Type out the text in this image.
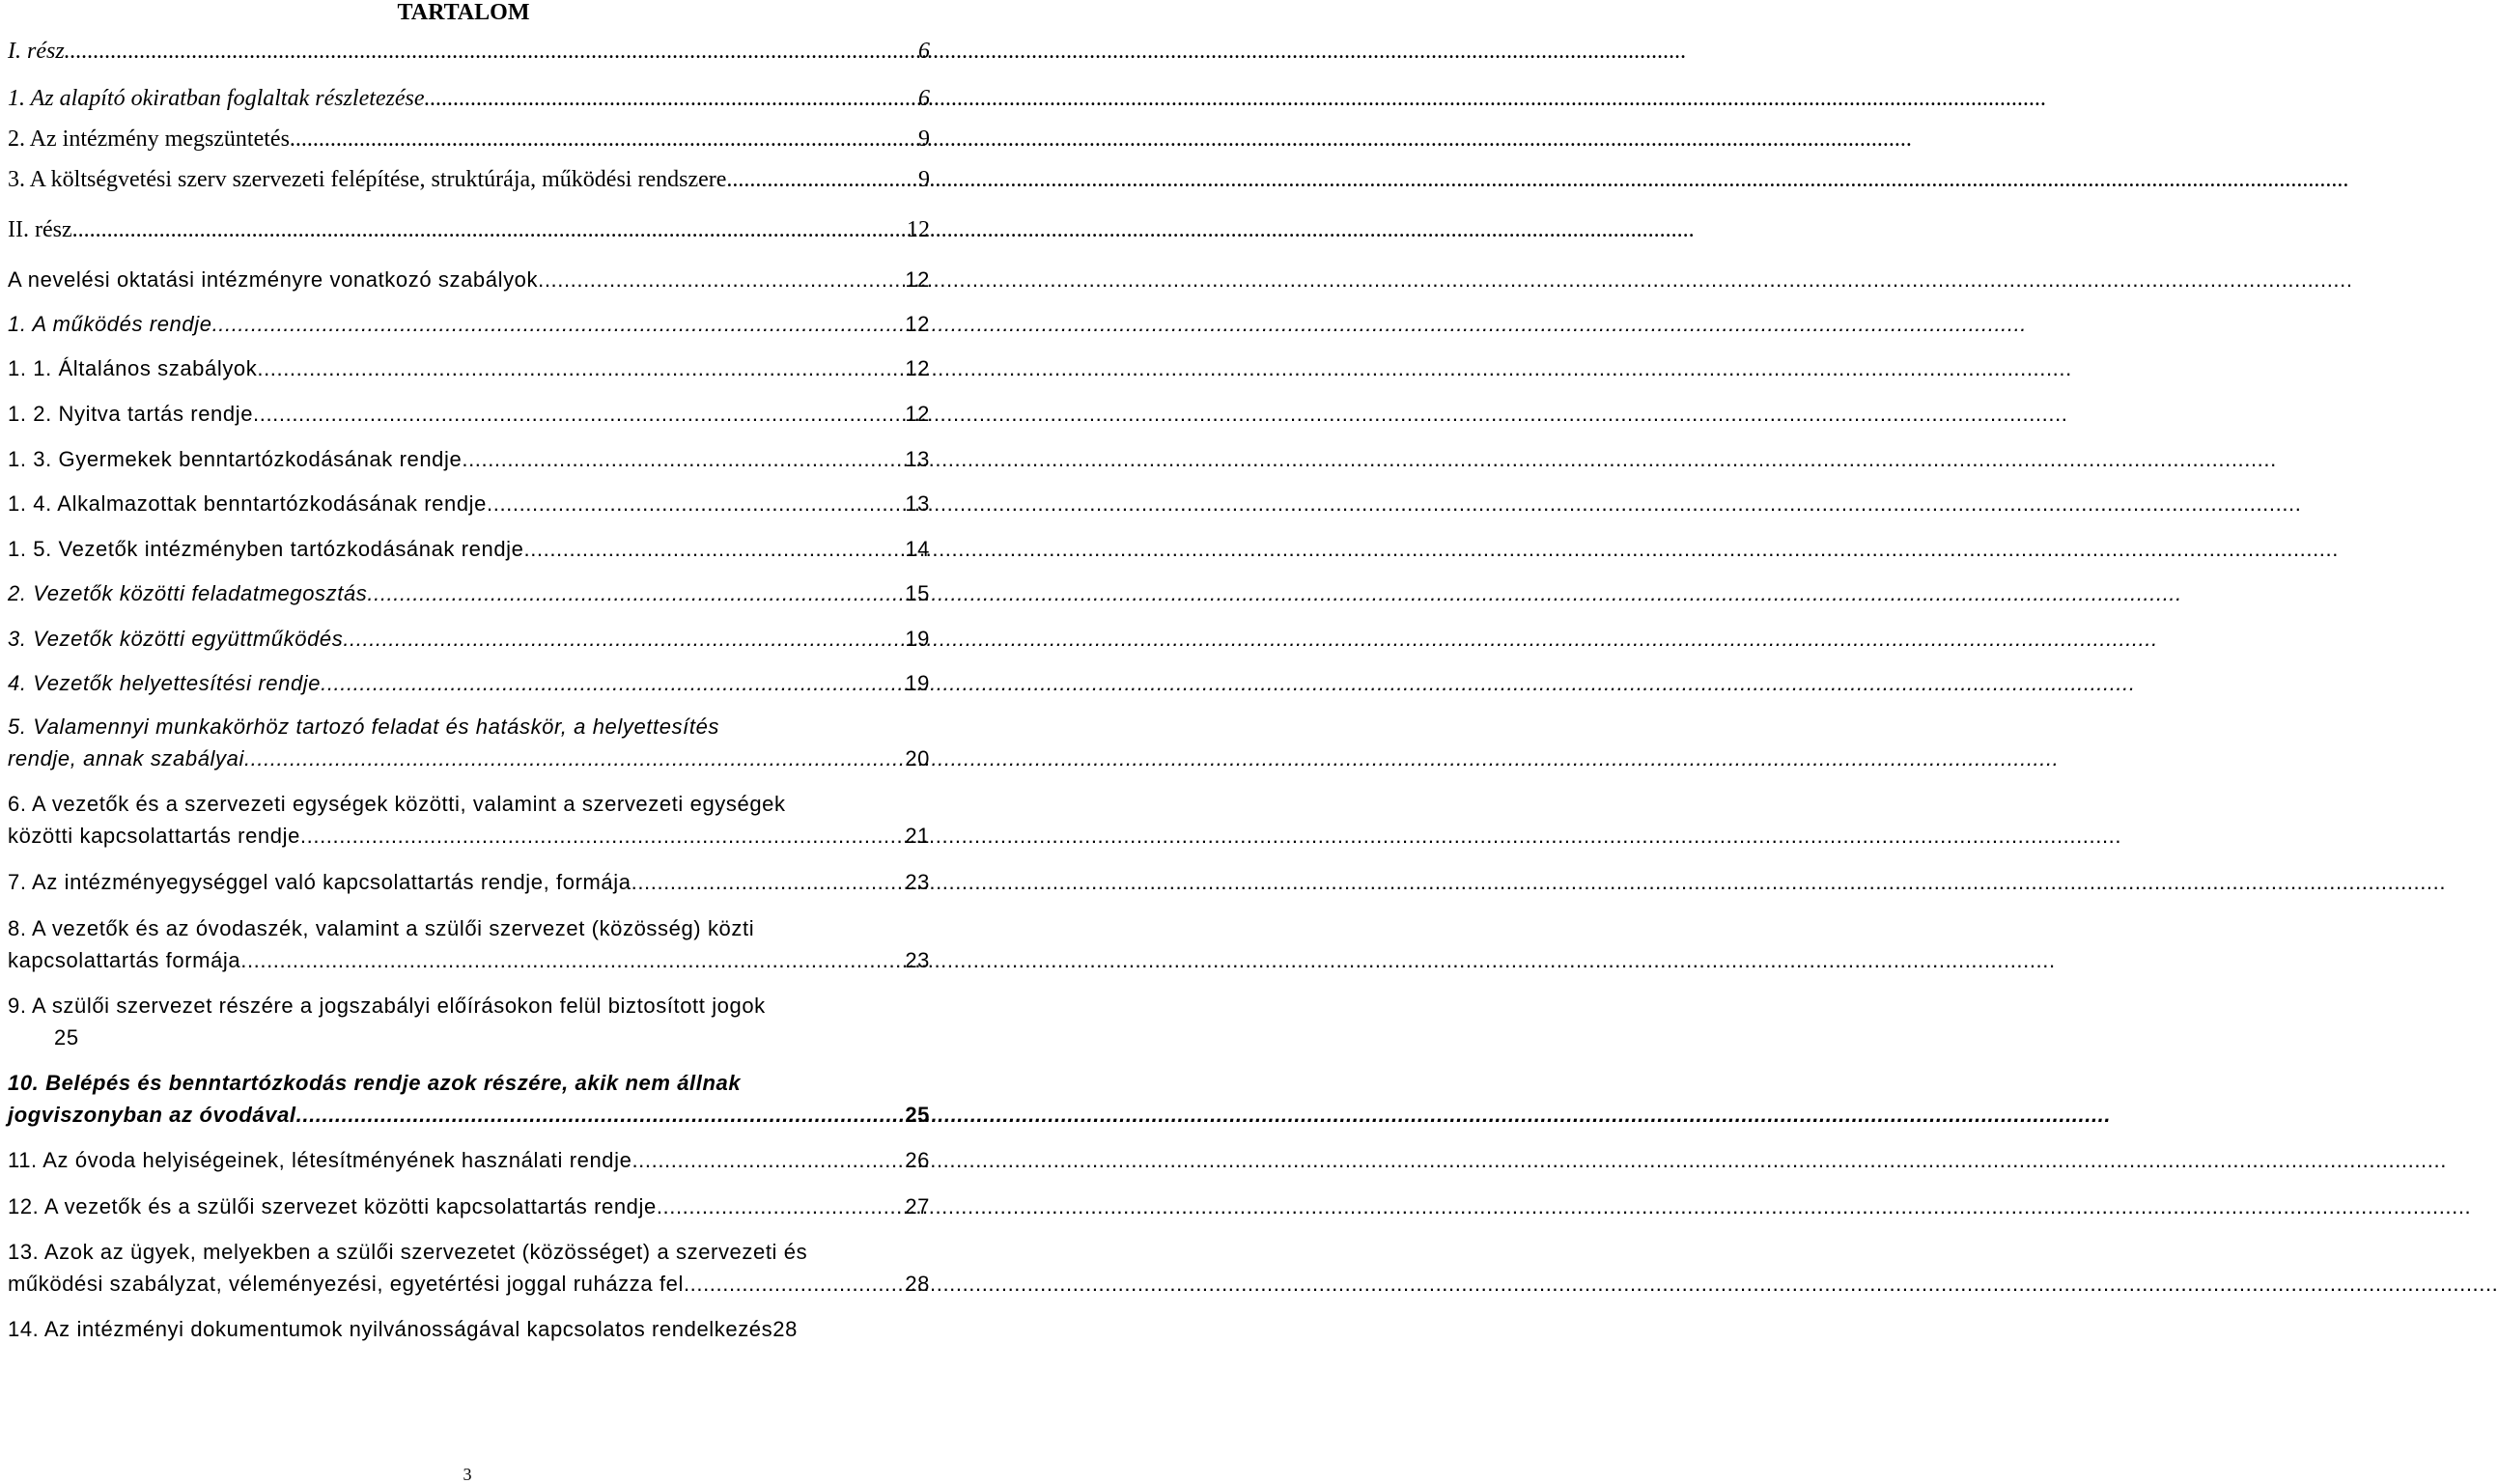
TARTALOM
I. rész .....	6
1. Az alapító okiratban foglaltak részletezése .....	6
2. Az intézmény megszüntetés .....	9
3. A költségvetési szerv szervezeti felépítése, struktúrája, működési rendszere .....	9
II. rész .....	12
A nevelési oktatási intézményre vonatkozó szabályok .....	12
1. A működés rendje .....	12
1. 1. Általános szabályok .....	12
1. 2. Nyitva tartás rendje .....	12
1. 3. Gyermekek benntartózkodásának rendje .....	13
1. 4. Alkalmazottak benntartózkodásának rendje .....	13
1. 5. Vezetők intézményben tartózkodásának rendje .....	14
2. Vezetők közötti feladatmegosztás .....	15
3. Vezetők közötti együttműködés .....	19
4. Vezetők helyettesítési rendje .....	19
5. Valamennyi munkakörhöz tartozó feladat és hatáskör, a helyettesítés
rendje, annak szabályai .....	20
6. A vezetők és a szervezeti egységek közötti, valamint a szervezeti egységek
közötti kapcsolattartás rendje. .....	21
7. Az intézményegységgel való kapcsolattartás rendje, formája .....	23
8. A vezetők és az óvodaszék, valamint a szülői szervezet (közösség) közti
kapcsolattartás formája .....	23
9. A szülői szervezet részére a jogszabályi előírásokon felül biztosított jogok
25
10. Belépés és benntartózkodás rendje azok részére, akik nem állnak
jogviszonyban az óvodával .....	25
11. Az óvoda helyiségeinek, létesítményének használati rendje .....	26
12. A vezetők és a szülői szervezet közötti kapcsolattartás rendje .....	27
13. Azok az ügyek, melyekben a szülői szervezetet (közösséget) a szervezeti és
működési szabályzat, véleményezési, egyetértési joggal ruházza fel .....	28
14. Az intézményi dokumentumok nyilvánosságával kapcsolatos rendelkezés 28
3
